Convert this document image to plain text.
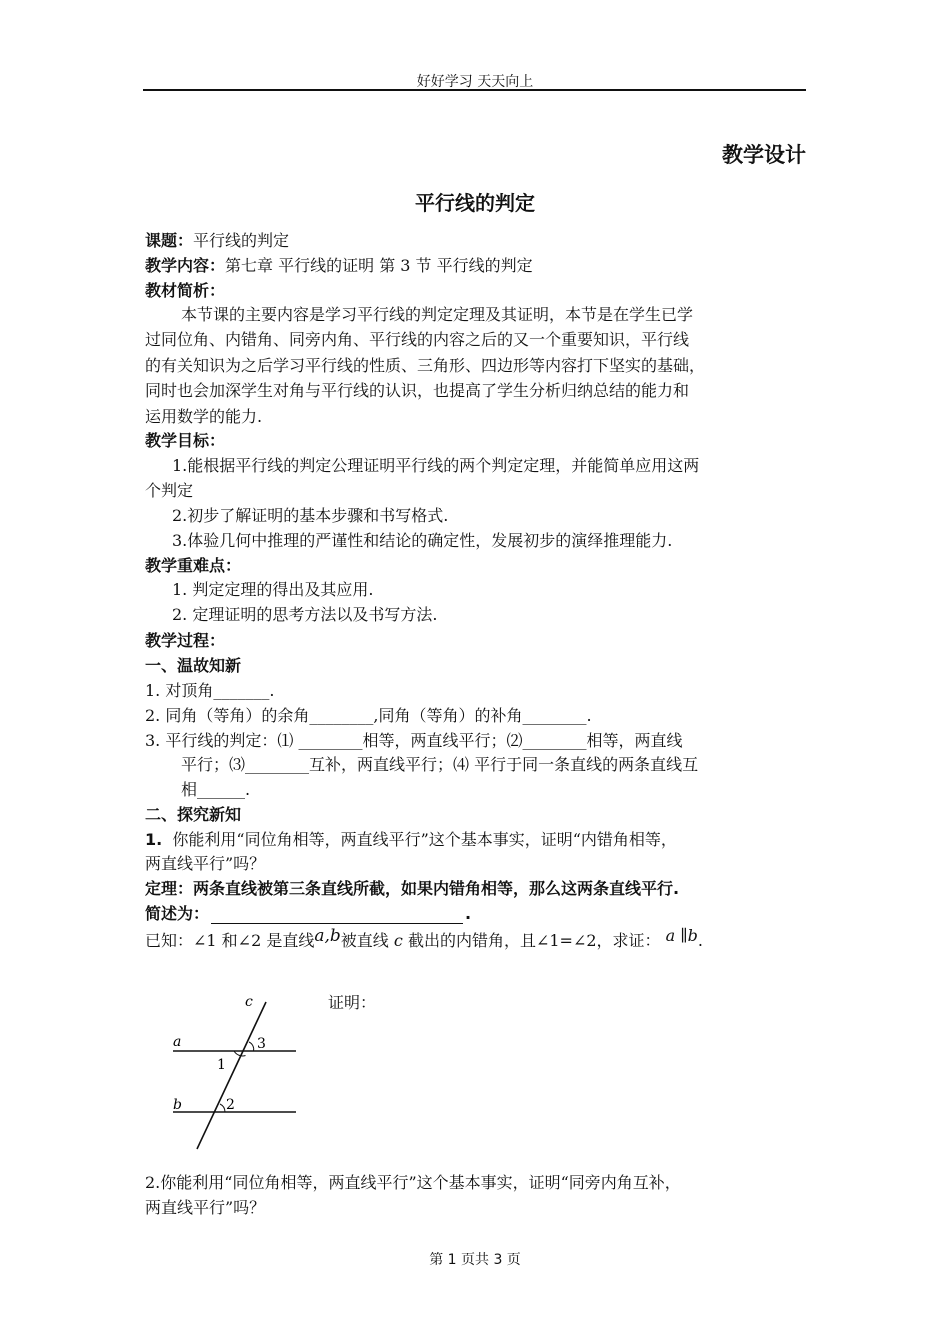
好好学习 天天向上
教学设计
平行线的判定
课题：平行线的判定
教学内容：第七章 平行线的证明 第 3 节 平行线的判定
教材简析：
本节课的主要内容是学习平行线的判定定理及其证明，本节是在学生已学
过同位角、内错角、同旁内角、平行线的内容之后的又一个重要知识，平行线
的有关知识为之后学习平行线的性质、三角形、四边形等内容打下坚实的基础，
同时也会加深学生对角与平行线的认识，也提高了学生分析归纳总结的能力和
运用数学的能力.
教学目标：
1.能根据平行线的判定公理证明平行线的两个判定定理，并能简单应用这两
个判定
2.初步了解证明的基本步骤和书写格式.
3.体验几何中推理的严谨性和结论的确定性，发展初步的演绎推理能力.
教学重难点：
1. 判定定理的得出及其应用.
2. 定理证明的思考方法以及书写方法.
教学过程：
一、温故知新
1. 对顶角_______.
2. 同角（等角）的余角________,同角（等角）的补角________.
3. 平行线的判定：⑴ ________相等，两直线平行；⑵________相等，两直线
平行；⑶________互补，两直线平行；⑷ 平行于同一条直线的两条直线互
相______.
二、探究新知
1. 你能利用“同位角相等，两直线平行”这个基本事实，证明“内错角相等，
两直线平行”吗？
定理：两条直线被第三条直线所截，如果内错角相等，那么这两条直线平行.
简述为：	.
已知：∠1 和∠2 是直线a,b被直线 c 截出的内错角，且∠1=∠2，求证： a ∥b.
证明：
c
a
b
1
2
3
2.你能利用“同位角相等，两直线平行”这个基本事实，证明“同旁内角互补，
两直线平行”吗？
第 1 页共 3 页
